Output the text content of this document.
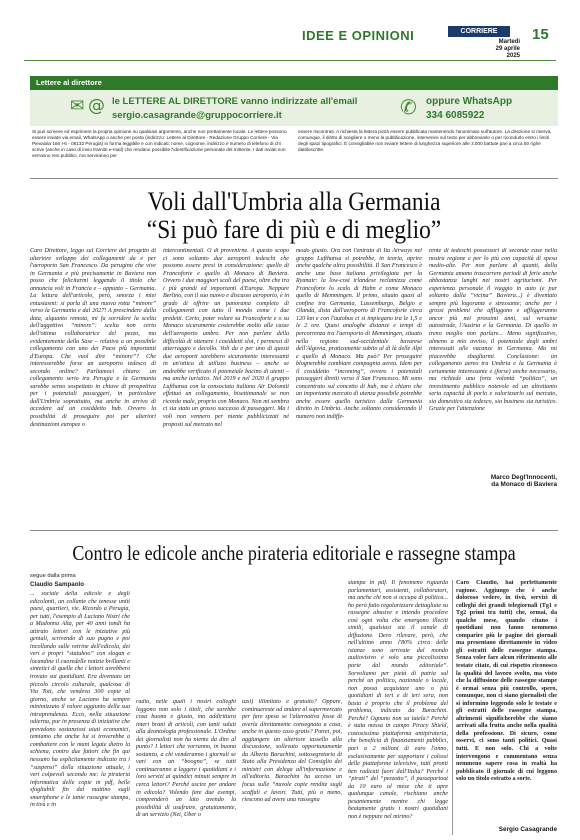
IDEE E OPINIONI	CORRIERE dell'UMBRIA
Martedì
29 aprile
2025
15
Lettere al direttore
✉ @ le LETTERE AL DIRETTORE vanno indirizzate all'email
sergio.casagrande@gruppocorriere.it	✆ oppure WhatsApp
334 6085922
Si può scrivere ed esprimere la propria opinione su qualsiasi argomento, anche non prettamente locale. Le lettere possono essere inviate via email, WhatsApp o anche per posta (indirizzo: Lettere al Direttore - Redazione Gruppo Corriere - Via Pievaiola 166 I-6 - 06132 Perugia) in forma leggibile e con indicati: nome, cognome, indirizzo e numero di telefono di chi scrive (anche in caso di invio tramite e-mail) che rendano possibile l'identificazione personale del mittente. I dati inviati non verranno resi pubblici, ma serviranno per
essere riscontrati. A richiesta la lettera potrà essere pubblicata mantenendo l'anonimato sull'autore. La direzione si riserva, comunque, il diritto di scegliere o meno la pubblicazione, intervenire sul testo per abbreviarlo o per ricondurlo entro i limiti degli spazi tipografici. È consigliabile non inviare lettere di lunghezza superiore alle 3.000 battute pari a circa 50 righe dattiloscritte.
Voli dall'Umbria alla Germania
“Si può fare di più e di meglio”
Caro Direttore, leggo sul Corriere del progetto di ulteriore sviluppo dei collegamenti da e per l'aeroporto San Francesco. Da perugino che vive in Germania e più precisamente in Baviera non posso che felicitarmi leggendo il titolo che annuncia voli in Francia e – appunto – Germania. La lettura dell'articolo, però, smorza i miei entusiasmi: si parla di una nuova rotta “minore” verso la Germania e dal 2027! A prescindere dalla data, alquanto remota, mi fa sorridere la scelta dell'aggettivo “minore”: scelta non certo dell'ottima collaboratrice del pezzo, ma evidentemente della Sase – relativa a un possibile collegamento con uno dei Paesi più importanti d'Europa. Che vuol dire “minore”? Che interesserebbe forse un aeroporto tedesco di secondo ordine? Parliamoci chiaro: un collegamento serio tra Perugia e la Germania sarebbe senso sospettato in chiave di prospettiva per i potenziali passeggeri, in particolare dall'Umbria soprattutto, ma anche in arrivo di accedere ad un cosiddetto hub. Ovvero la possibilità di proseguire poi per ulteriori destinazioni europee o
intercontinentali. O di provenirne. A questo scopo ci sono soltanto due aeroporti tedeschi che possono essere presi in considerazione: quello di Francoforte e quello di Monaco di Baviera. Ovvero i due maggiori scali del paese, oltre che tra i più grandi ed importanti d'Europa. Neppure Berlino, con il suo nuovo e discusso aeroporto, è in grado di offrire un panorama completo di collegamenti con tutto il mondo come i due predetti. Certo, poter volare su Francoforte e o su Monaco sicuramente costerebbe molto alle casse dell'aeroporto umbro. Per non parlare della difficoltà di ottenere i cosiddetti slot, i permessi di atterraggio e decollo. Voli da e per uno di questi due aeroporti sarebbero sicuramente interessanti in un'ottica di utilizzo business – anche se andrebbe verificato il potenziale bacino di utenti – ma anche turistico. Nel 2019 e nel 2020 il gruppo Lufthansa con la consociata italiana Air Dolomiti effettuò un collegamento, bisettimanale se non ricordo male, proprio con Monaco. Non mi sembra ci sia stato un grosso successo di passeggeri. Ma i voli non vennero per niente pubblicizzati né proposti sul mercato nel
modo giusto. Ora con l'entrata di Ita Airways nel gruppo Lufthansa si potrebbe, in teoria, aprire anche qualche altra possibilità. Il San Francesco è anche una base italiana privilegiata per la Ryanair: la low-cost irlandese reclamizza come Francoforte lo scalo di Hahn e come Monaco quello di Memmingen. Il primo, situato quasi al confine tra Germania, Lussemburgo, Belgio e Olanda, dista dall'aeroporto di Francoforte circa 120 km e con l'autobus ci si impiegano tra le 1,5 e le 2 ore. Quasi analoghe distanze e tempi di percorrenza tra l'aeroporto di Memmingen, situato nella regione sud-occidentale bavarese dell'Algovia, praticamente subito al di là delle Alpi e quello di Monaco. Ma può? Per proseguire blognerebbe cambiare compagnia aerea. Idem per il cosiddetto “incoming”, ovvero i potenziali passeggeri diretti verso il San Francesco. Mi sono concentrato sul concetto di hub, ma è chiaro che un importante mercato di utenza possibile potrebbe anche essere quello turistico dalla Germania diretto in Umbria. Anche soltanto considerando il numero non indiffe-
rente di tedeschi possessori di seconde case nella nostra regione e per lo più con capacità di spesa medio-alte. Per non parlare di quanti, dalla Germania amano trascorrere periodi di ferie anche abbastanza lunghi nei nostri agriturismi. Per esperienza personale il viaggio in auto (e pur soltanto dalla “vicina” Baviera...) è diventato sempre più logorante e stressante; anche per i grossi problemi che affliggono e affliggeranno ancor più nei prossimi anni, sul versante autostrade, l'Austria e la Germania. Di quello in treno meglio non parlare... Meno significativo, almeno a mio avviso, il potenziale degli umbri interessati alle vacanze in Germania. Ma mi piacerebbe sbagliarmi. Conclusione: un collegamento aereo tra Umbria e la Germania è certamente interessante e (forse) anche necessario, ma richiede una forte volontà “politica”, un investimento pubblico notevole ed un altrettanto seria capacità di porlo e valorizzarlo sul mercato, sia domestico sia tedesco, sia business sia turistico. Grazie per l'attenzione
Marco Degl'Innocenti,
da Monaco di Baviera
Contro le edicole anche pirateria editoriale e rassegne stampa
segue dalla prima
Claudio Sampaolo
... sociale della edicole e degli edicolanti, un collante che tenesse uniti paesi, quartieri, vie. Ricordo a Perugia, per tutti, l'esempio di Luciano Nistri che a Madonna Alta, per 40 anni tondi ha attirato lettori con le iniziative più geniali, scrivendo di suo pugno e poi incollando sulle vetrine dell'edicola, dei veri e propri “statuboo” con slogan e locandine il cuoredelle notizie brillanti e sintetici di quelle che i lettori avrebbero trovato sui quotidiani. Era diventato un piccolo circolo culturale, qualcosa di Via Toti, che vendeva 300 copie al giorno, anche se Luciano ha sempre minimizzato il valore aggiunto della sua intraprendenza. Ecco, nella situazione odierna, pur in presenza di iniziative che prevedono sostanziosi aiuti economici, temiamo che anche lui si troverebbe a combattere con le mani legate dietro la schiena, contro due fattori che fin qui nessuno ha esplicitamente indicato tra i “suspensi” della situazione attuale, i veri colpevoli secondo me: la pirateria informatica delle copie in pdf, belle sfogliabili fin dal mattino sugli smartphone e le tante rassegne stampa, in tivù e in
radio, nelle quali i nostri colleghi leggono non solo i titoli, che sarebbe cosa buona e giusta, ma addirittura interi brani di articoli, con tanti saluti alla deontologia professionale. L'Ordine dei giornalisti non ha niente da dire al punto? I lettori che vorranno, in buona sostanza, a chi venderanno i giornali se vari con un “boogno”, se tutti continueranno a leggere i quotidiani e i loro servizi ai quindici minuti sempre in cerca lettori? Perché uscire per andare in edicola? Volendo fare due esempi, comprenderò un lato avendo la possibilità di usufruire, gratuitamente, di un servizio (Nei, Uber o
taxi) illimitato e gratuito? Oppure, continuereste ad andare al supermercato per fare spesa se l'alternativa fosse di averla direttamente consegnata a casa, anche in questo caso gratis? Potrei, poi, aggiungere un ulteriore tassello alla discussione, sollevato opportunamente da Alberto Barachini, sottosegretario di Stato alla Presidenza del Consiglio dei ministri con delega all'informazione e all'editoria. Barachini ha acceso un focus sulle “nuvole copie rendite sugli scaffali e lavori. Tutti, più o meno, riescono ad avere una rassegna
stampa in pdf. Il fenomeno riguarda parlamentari, assistenti, collaboratori, ma anche chi non si occupa di politica... ho però fatto regolarizzare dettagliate su rassegne abusive e intendo procedere così ogni volta che emergono illeciti simili, qualsiasi sia il canale di diffusione. Devo rilevare, però, che nell'ultimo anno l'80% circa delle istanze sono arrivate dal mondo audiovisivo e solo una piccolissima parte dal mondo editoriale”. Sorvoliamo per pietà di patria sul perché un politico, nazionale o locale, non possa acquistare uno o più quotidiani di ieri e di ieri sera, non basta è proprio che il problema del problema, indicato da Barachini. Perché? Ognuno non sa tutela? Perché è stata messa in campo Piracy Shield, costosissima piattaforma antipirateria, che beneficia di finanziamenti pubblici, pari a 2 milioni di euro l'anno, esclusivamente per supportare i colossi delle piattaforme televisive, tutti pronti ben radicati fuori dall'Italia? Perché i “pirati” del “pezzotto”, il passepartout da 10 euro al mese che ti apre qualunque canale, rischiano anche pesantemente mentre chi legge beatamente gratis i nostri quotidiani non è neppure nel mirino?
Caro Claudio, hai perfettamente ragione. Aggiungo che è anche doloroso vedere, in tivù, servizi di colleghi dei grandi telegiornali (Tg1 e Tg2 primi tra tutti) che, ormai, da qualche mese, quando citano i quotidiani non fanno nemmeno comparire più le pagine dei giornali ma presentano direttamente in video gli estratti delle rassegne stampa. Senza voler fare alcun riferimento alle testate citate, di cui rispetto riconosco la qualità del lavoro svolto, ma visto che la diffusione delle rassegne stampe è ormai senza più controllo, spero, comunque, non ci siano giornalisti che si informino leggendo solo le testate e gli estratti delle rassegne stampa, altrimenti significherebbe che siamo arrivati alla frutta anche nella qualità della professione. Di sicuro, come osservi, ci sono tanti politici. Quasi tutti. E non solo. Chi a volte intervengono e commentano senza nemmeno sapere cosa in realtà ha pubblicato il giornale di cui leggono solo un titolo estratto a sorte.
Sergio Casagrande
